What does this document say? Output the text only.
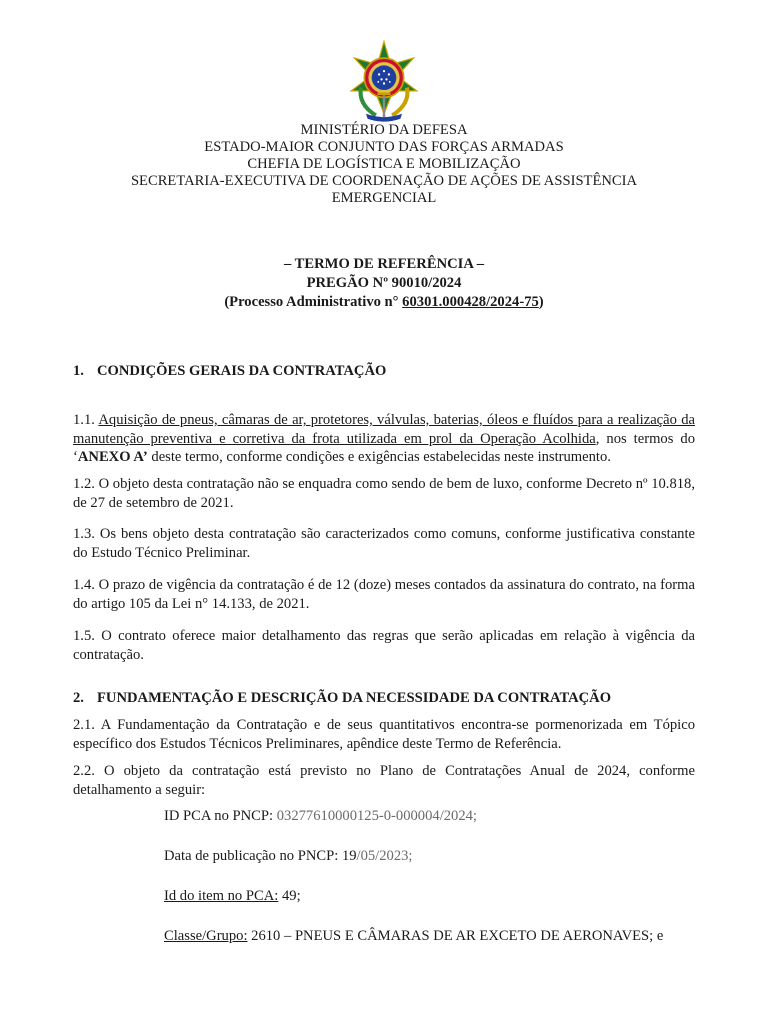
MINISTÉRIO DA DEFESA
ESTADO-MAIOR CONJUNTO DAS FORÇAS ARMADAS
CHEFIA DE LOGÍSTICA E MOBILIZAÇÃO
SECRETARIA-EXECUTIVA DE COORDENAÇÃO DE AÇÕES DE ASSISTÊNCIA
EMERGENCIAL
– TERMO DE REFERÊNCIA –
PREGÃO Nº 90010/2024
(Processo Administrativo n° 60301.000428/2024-75)
1. CONDIÇÕES GERAIS DA CONTRATAÇÃO
1.1. Aquisição de pneus, câmaras de ar, protetores, válvulas, baterias, óleos e fluídos para a realização da manutenção preventiva e corretiva da frota utilizada em prol da Operação Acolhida, nos termos do ‘ANEXO A’ deste termo, conforme condições e exigências estabelecidas neste instrumento.
1.2. O objeto desta contratação não se enquadra como sendo de bem de luxo, conforme Decreto nº 10.818, de 27 de setembro de 2021.
1.3. Os bens objeto desta contratação são caracterizados como comuns, conforme justificativa constante do Estudo Técnico Preliminar.
1.4. O prazo de vigência da contratação é de 12 (doze) meses contados da assinatura do contrato, na forma do artigo 105 da Lei n° 14.133, de 2021.
1.5. O contrato oferece maior detalhamento das regras que serão aplicadas em relação à vigência da contratação.
2. FUNDAMENTAÇÃO E DESCRIÇÃO DA NECESSIDADE DA CONTRATAÇÃO
2.1. A Fundamentação da Contratação e de seus quantitativos encontra-se pormenorizada em Tópico específico dos Estudos Técnicos Preliminares, apêndice deste Termo de Referência.
2.2. O objeto da contratação está previsto no Plano de Contratações Anual de 2024, conforme detalhamento a seguir:
ID PCA no PNCP: 03277610000125-0-000004/2024;
Data de publicação no PNCP: 19/05/2023;
Id do item no PCA: 49;
Classe/Grupo: 2610 – PNEUS E CÂMARAS DE AR EXCETO DE AERONAVES; e
